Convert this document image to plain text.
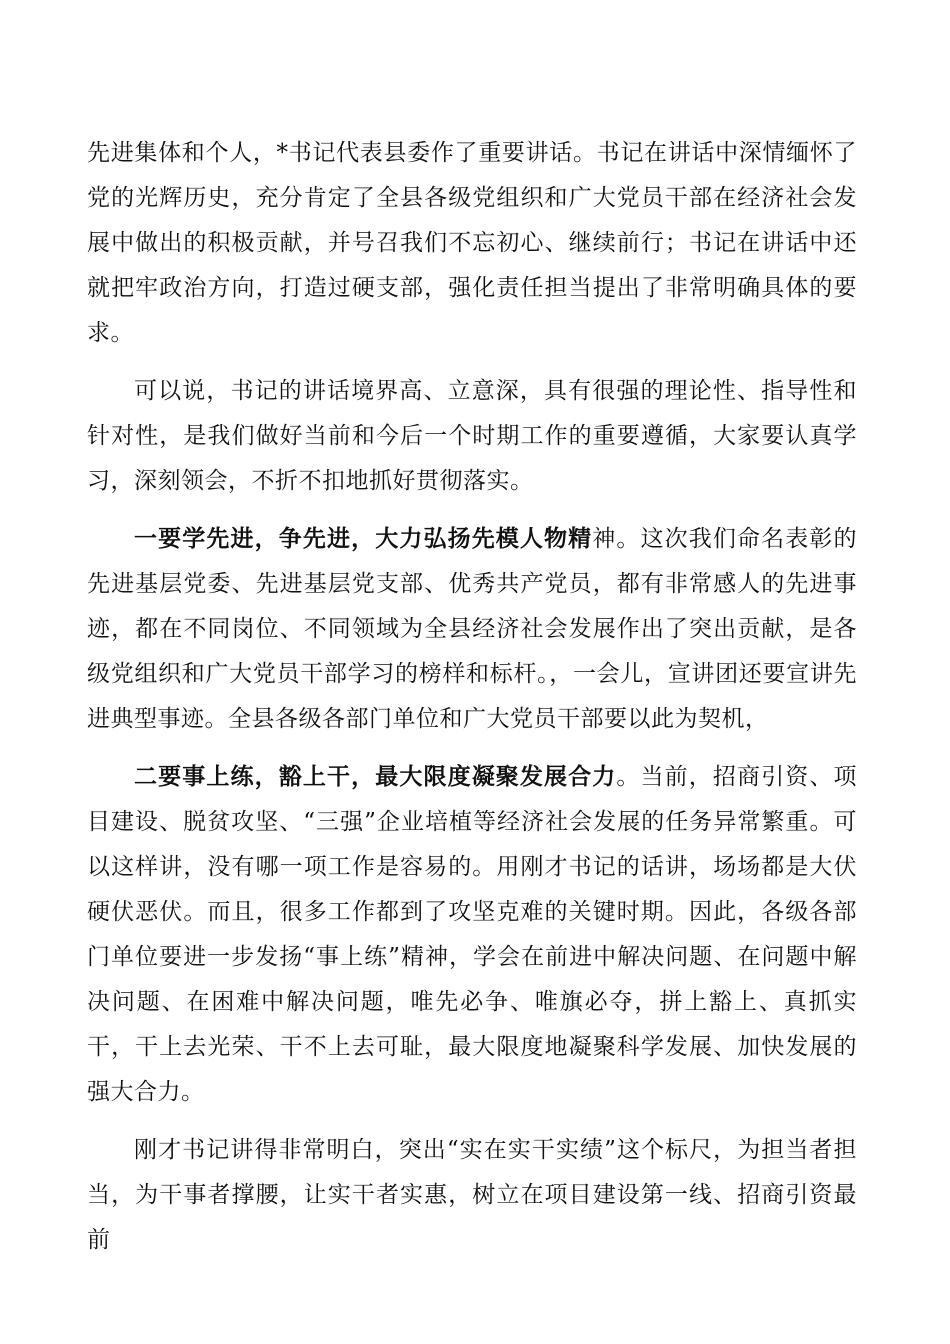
先进集体和个人，*书记代表县委作了重要讲话。书记在讲话中深情缅怀了党的光辉历史，充分肯定了全县各级党组织和广大党员干部在经济社会发展中做出的积极贡献，并号召我们不忘初心、继续前行；书记在讲话中还就把牢政治方向，打造过硬支部，强化责任担当提出了非常明确具体的要求。

可以说，书记的讲话境界高、立意深，具有很强的理论性、指导性和针对性，是我们做好当前和今后一个时期工作的重要遵循，大家要认真学习，深刻领会，不折不扣地抓好贯彻落实。

一要学先进，争先进，大力弘扬先模人物精神。这次我们命名表彰的先进基层党委、先进基层党支部、优秀共产党员，都有非常感人的先进事迹，都在不同岗位、不同领域为全县经济社会发展作出了突出贡献，是各级党组织和广大党员干部学习的榜样和标杆。，一会儿，宣讲团还要宣讲先进典型事迹。全县各级各部门单位和广大党员干部要以此为契机，

二要事上练，豁上干，最大限度凝聚发展合力。当前，招商引资、项目建设、脱贫攻坚、“三强”企业培植等经济社会发展的任务异常繁重。可以这样讲，没有哪一项工作是容易的。用刚才书记的话讲，场场都是大伏硬伏恶伏。而且，很多工作都到了攻坚克难的关键时期。因此，各级各部门单位要进一步发扬“事上练”精神，学会在前进中解决问题、在问题中解决问题、在困难中解决问题，唯先必争、唯旗必夺，拼上豁上、真抓实干，干上去光荣、干不上去可耻，最大限度地凝聚科学发展、加快发展的强大合力。

刚才书记讲得非常明白，突出“实在实干实绩”这个标尺，为担当者担当，为干事者撑腰，让实干者实惠，树立在项目建设第一线、招商引资最前
